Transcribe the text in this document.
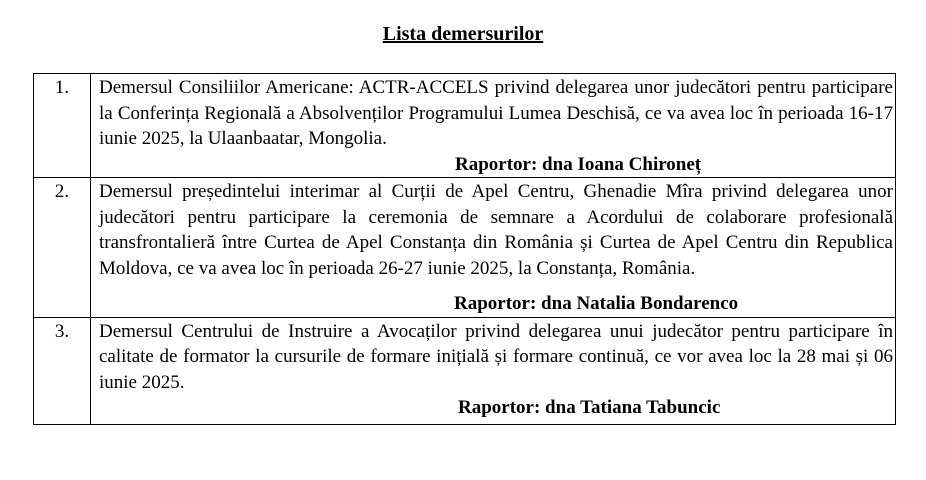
Lista demersurilor
1.	Demersul Consiliilor Americane: ACTR-ACCELS privind delegarea unor judecători pentru participare la Conferința Regională a Absolvenților Programului Lumea Deschisă, ce va avea loc în perioada 16-17 iunie 2025, la Ulaanbaatar, Mongolia.
Raportor: dna Ioana Chironeț

2.	Demersul președintelui interimar al Curții de Apel Centru, Ghenadie Mîra privind delegarea unor judecători pentru participare la ceremonia de semnare a Acordului de colaborare profesională transfrontalieră între Curtea de Apel Constanța din România și Curtea de Apel Centru din Republica Moldova, ce va avea loc în perioada 26-27 iunie 2025, la Constanța, România.
Raportor: dna Natalia Bondarenco

3.	Demersul Centrului de Instruire a Avocaților privind delegarea unui judecător pentru participare în calitate de formator la cursurile de formare inițială și formare continuă, ce vor avea loc la 28 mai și 06 iunie 2025.
Raportor: dna Tatiana Tabuncic
